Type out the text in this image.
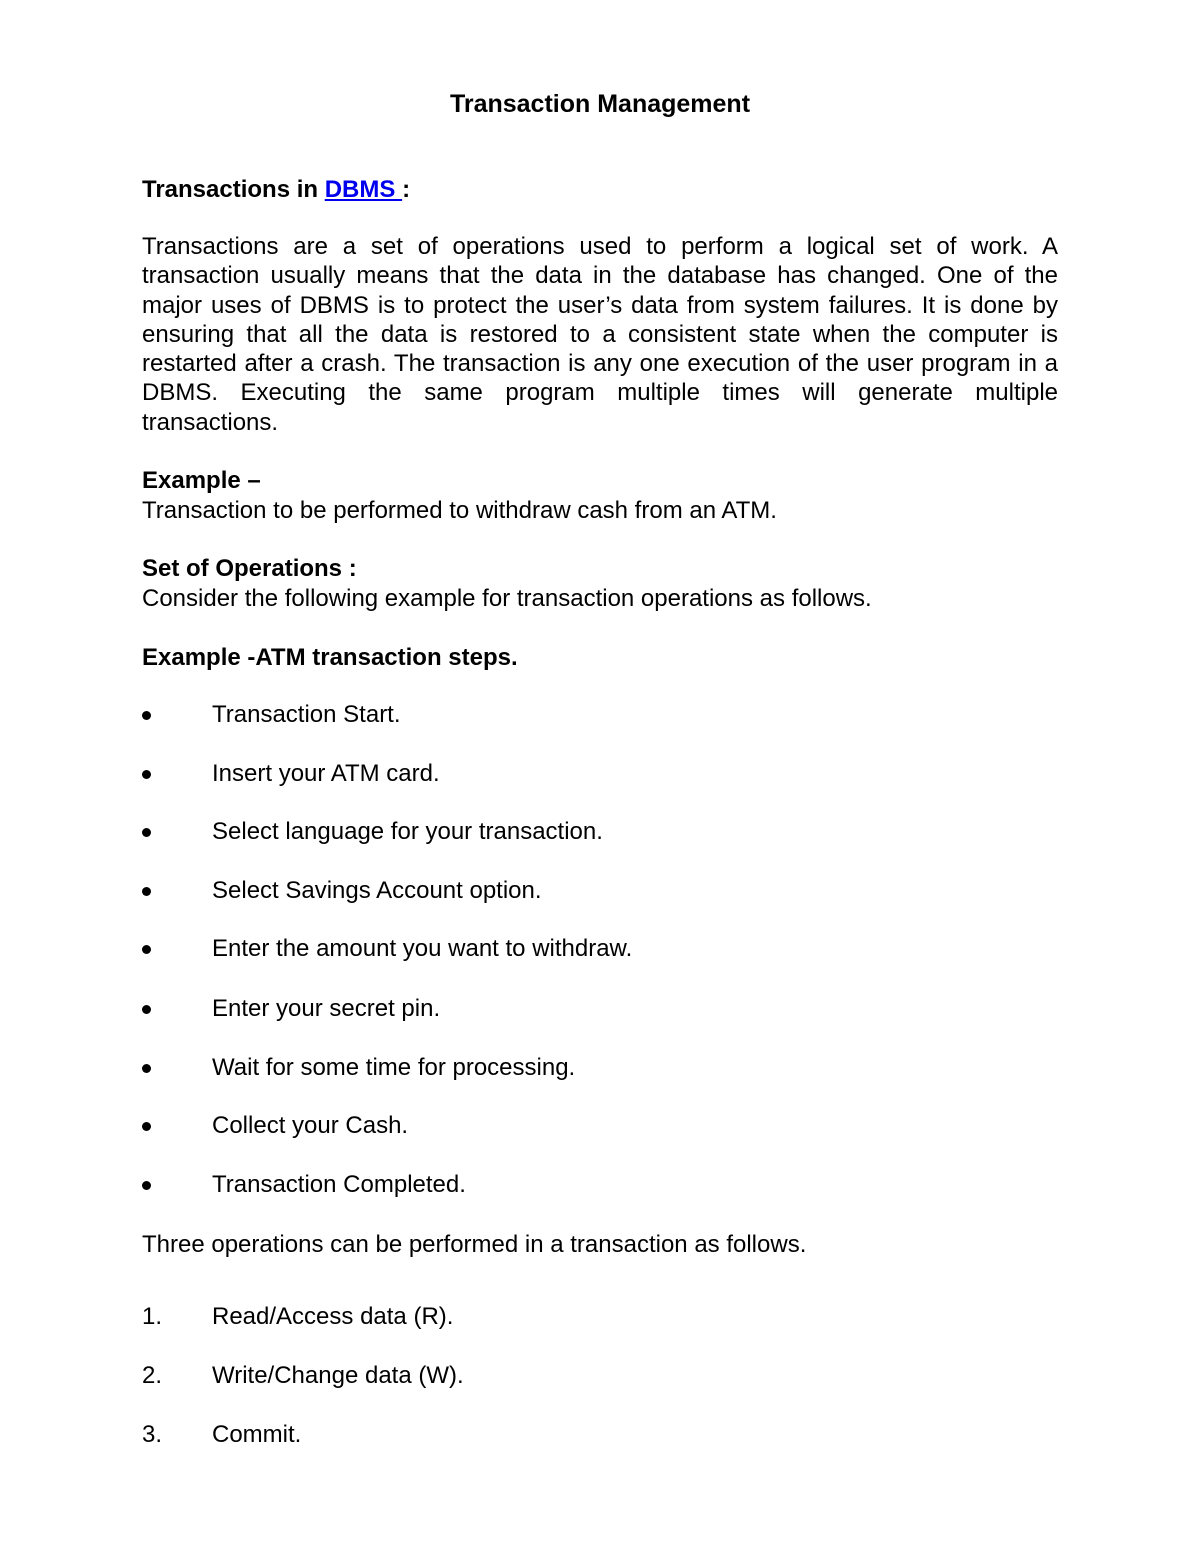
Transaction Management

Transactions in DBMS :

Transactions are a set of operations used to perform a logical set of work. A transaction usually means that the data in the database has changed. One of the major uses of DBMS is to protect the user’s data from system failures. It is done by ensuring that all the data is restored to a consistent state when the computer is restarted after a crash. The transaction is any one execution of the user program in a DBMS. Executing the same program multiple times will generate multiple transactions.

Example –

Transaction to be performed to withdraw cash from an ATM.

Set of Operations :

Consider the following example for transaction operations as follows.

Example -ATM transaction steps.

Transaction Start.
Insert your ATM card.
Select language for your transaction.
Select Savings Account option.
Enter the amount you want to withdraw.
Enter your secret pin.
Wait for some time for processing.
Collect your Cash.
Transaction Completed.

Three operations can be performed in a transaction as follows.

1.	Read/Access data (R).
2.	Write/Change data (W).
3.	Commit.
